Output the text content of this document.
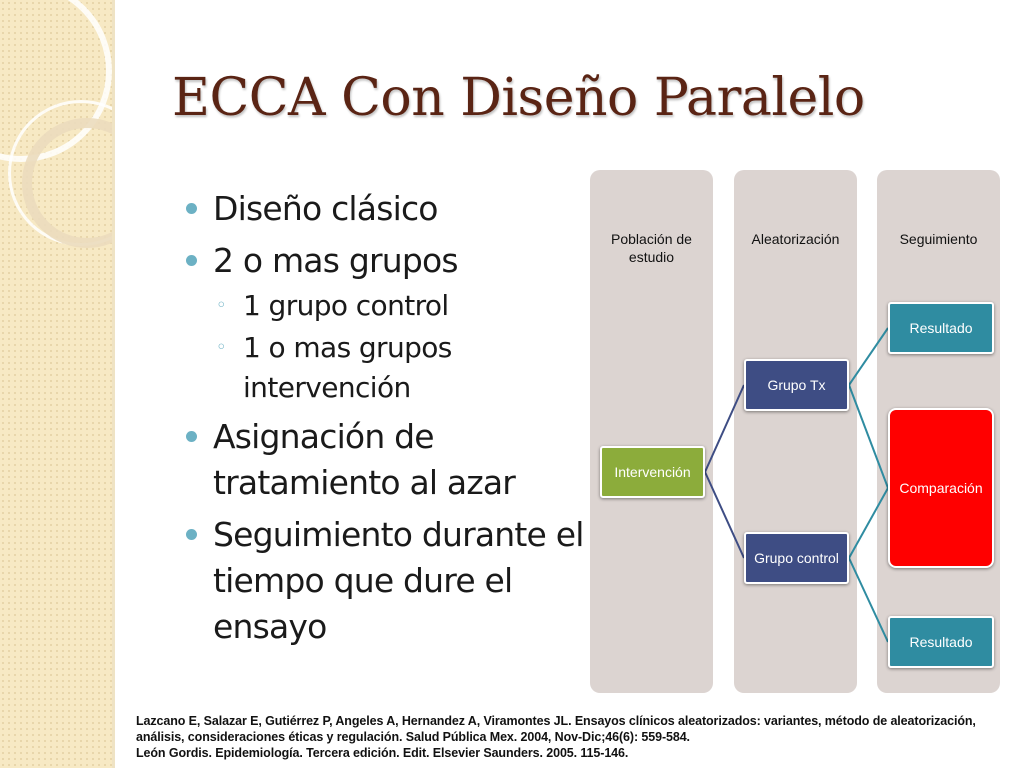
ECCA Con Diseño Paralelo
Diseño clásico
2 o mas grupos
◦ 1 grupo control
◦ 1 o mas grupos intervención
Asignación de tratamiento al azar
Seguimiento durante el tiempo que dure el ensayo
Población de estudio
Aleatorización	Seguimiento
Intervención
Grupo Tx
Grupo control
Resultado
Comparación
Resultado

Lazcano E, Salazar E, Gutiérrez P, Angeles A, Hernandez A, Viramontes JL. Ensayos clínicos aleatorizados: variantes, método de aleatorización, análisis, consideraciones éticas y regulación. Salud Pública Mex. 2004, Nov-Dic;46(6): 559-584.

León Gordis. Epidemiología. Tercera edición. Edit. Elsevier Saunders. 2005. 115-146.
